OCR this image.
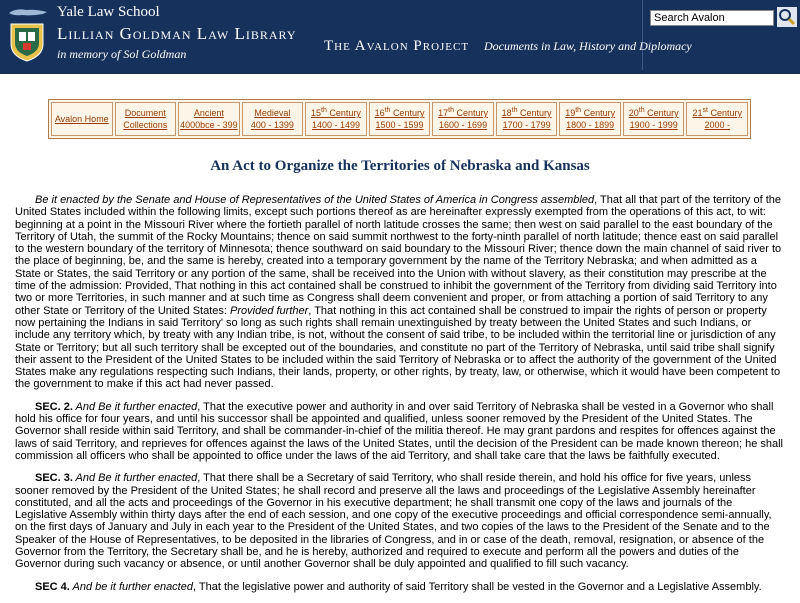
Yale Law School
Lillian Goldman Law Library
in memory of Sol Goldman	The Avalon Project Documents in Law, History and Diplomacy
Search Avalon
Avalon Home
Document
Collections
Ancient
4000bce - 399
Medieval
400 - 1399
15th Century
1400 - 1499
16th Century
1500 - 1599
17th Century
1600 - 1699
18th Century
1700 - 1799
19th Century
1800 - 1899
20th Century
1900 - 1999
21st Century
2000 -
An Act to Organize the Territories of Nebraska and Kansas

Be it enacted by the Senate and House of Representatives of the United States of America in Congress assembled, That all that part of the territory of the United States included within the following limits, except such portions thereof as are hereinafter expressly exempted from the operations of this act, to wit: beginning at a point in the Missouri River where the fortieth parallel of north latitude crosses the same; then west on said parallel to the east boundary of the Territory of Utah, the summit of the Rocky Mountains; thence on said summit northwest to the forty-ninth parallel of north latitude; thence east on said parallel to the western boundary of the territory of Minnesota; thence southward on said boundary to the Missouri River; thence down the main channel of said river to the place of beginning, be, and the same is hereby, created into a temporary government by the name of the Territory Nebraska; and when admitted as a State or States, the said Territory or any portion of the same, shall be received into the Union with without slavery, as their constitution may prescribe at the time of the admission: Provided, That nothing in this act contained shall be construed to inhibit the government of the Territory from dividing said Territory into two or more Territories, in such manner and at such time as Congress shall deem convenient and proper, or from attaching a portion of said Territory to any other State or Territory of the United States: Provided further, That nothing in this act contained shall be construed to impair the rights of person or property now pertaining the Indians in said Territory' so long as such rights shall remain unextinguished by treaty between the United States and such Indians, or include any territory which, by treaty with any Indian tribe, is not, without the consent of said tribe, to be included within the territorial line or jurisdiction of any State or Territory; but all such territory shall be excepted out of the boundaries, and constitute no part of the Territory of Nebraska, until said tribe shall signify their assent to the President of the United States to be included within the said Territory of Nebraska or to affect the authority of the government of the United States make any regulations respecting such Indians, their lands, property, or other rights, by treaty, law, or otherwise, which it would have been competent to the government to make if this act had never passed.

SEC. 2. And Be it further enacted, That the executive power and authority in and over said Territory of Nebraska shall be vested in a Governor who shall hold his office for four years, and until his successor shall be appointed and qualified, unless sooner removed by the President of the United States. The Governor shall reside within said Territory, and shall be commander-in-chief of the militia thereof. He may grant pardons and respites for offences against the laws of said Territory, and reprieves for offences against the laws of the United States, until the decision of the President can be made known thereon; he shall commission all officers who shall be appointed to office under the laws of the aid Territory, and shall take care that the laws be faithfully executed.

SEC. 3. And Be it further enacted, That there shall be a Secretary of said Territory, who shall reside therein, and hold his office for five years, unless sooner removed by the President of the United States; he shall record and preserve all the laws and proceedings of the Legislative Assembly hereinafter constituted, and all the acts and proceedings of the Governor in his executive department; he shall transmit one copy of the laws and journals of the Legislative Assembly within thirty days after the end of each session, and one copy of the executive proceedings and official correspondence semi-annually, on the first days of January and July in each year to the President of the United States, and two copies of the laws to the President of the Senate and to the Speaker of the House of Representatives, to be deposited in the libraries of Congress, and in or case of the death, removal, resignation, or absence of the Governor from the Territory, the Secretary shall be, and he is hereby, authorized and required to execute and perform all the powers and duties of the Governor during such vacancy or absence, or until another Governor shall be duly appointed and qualified to fill such vacancy.

SEC 4. And be it further enacted, That the legislative power and authority of said Territory shall be vested in the Governor and a Legislative Assembly.
